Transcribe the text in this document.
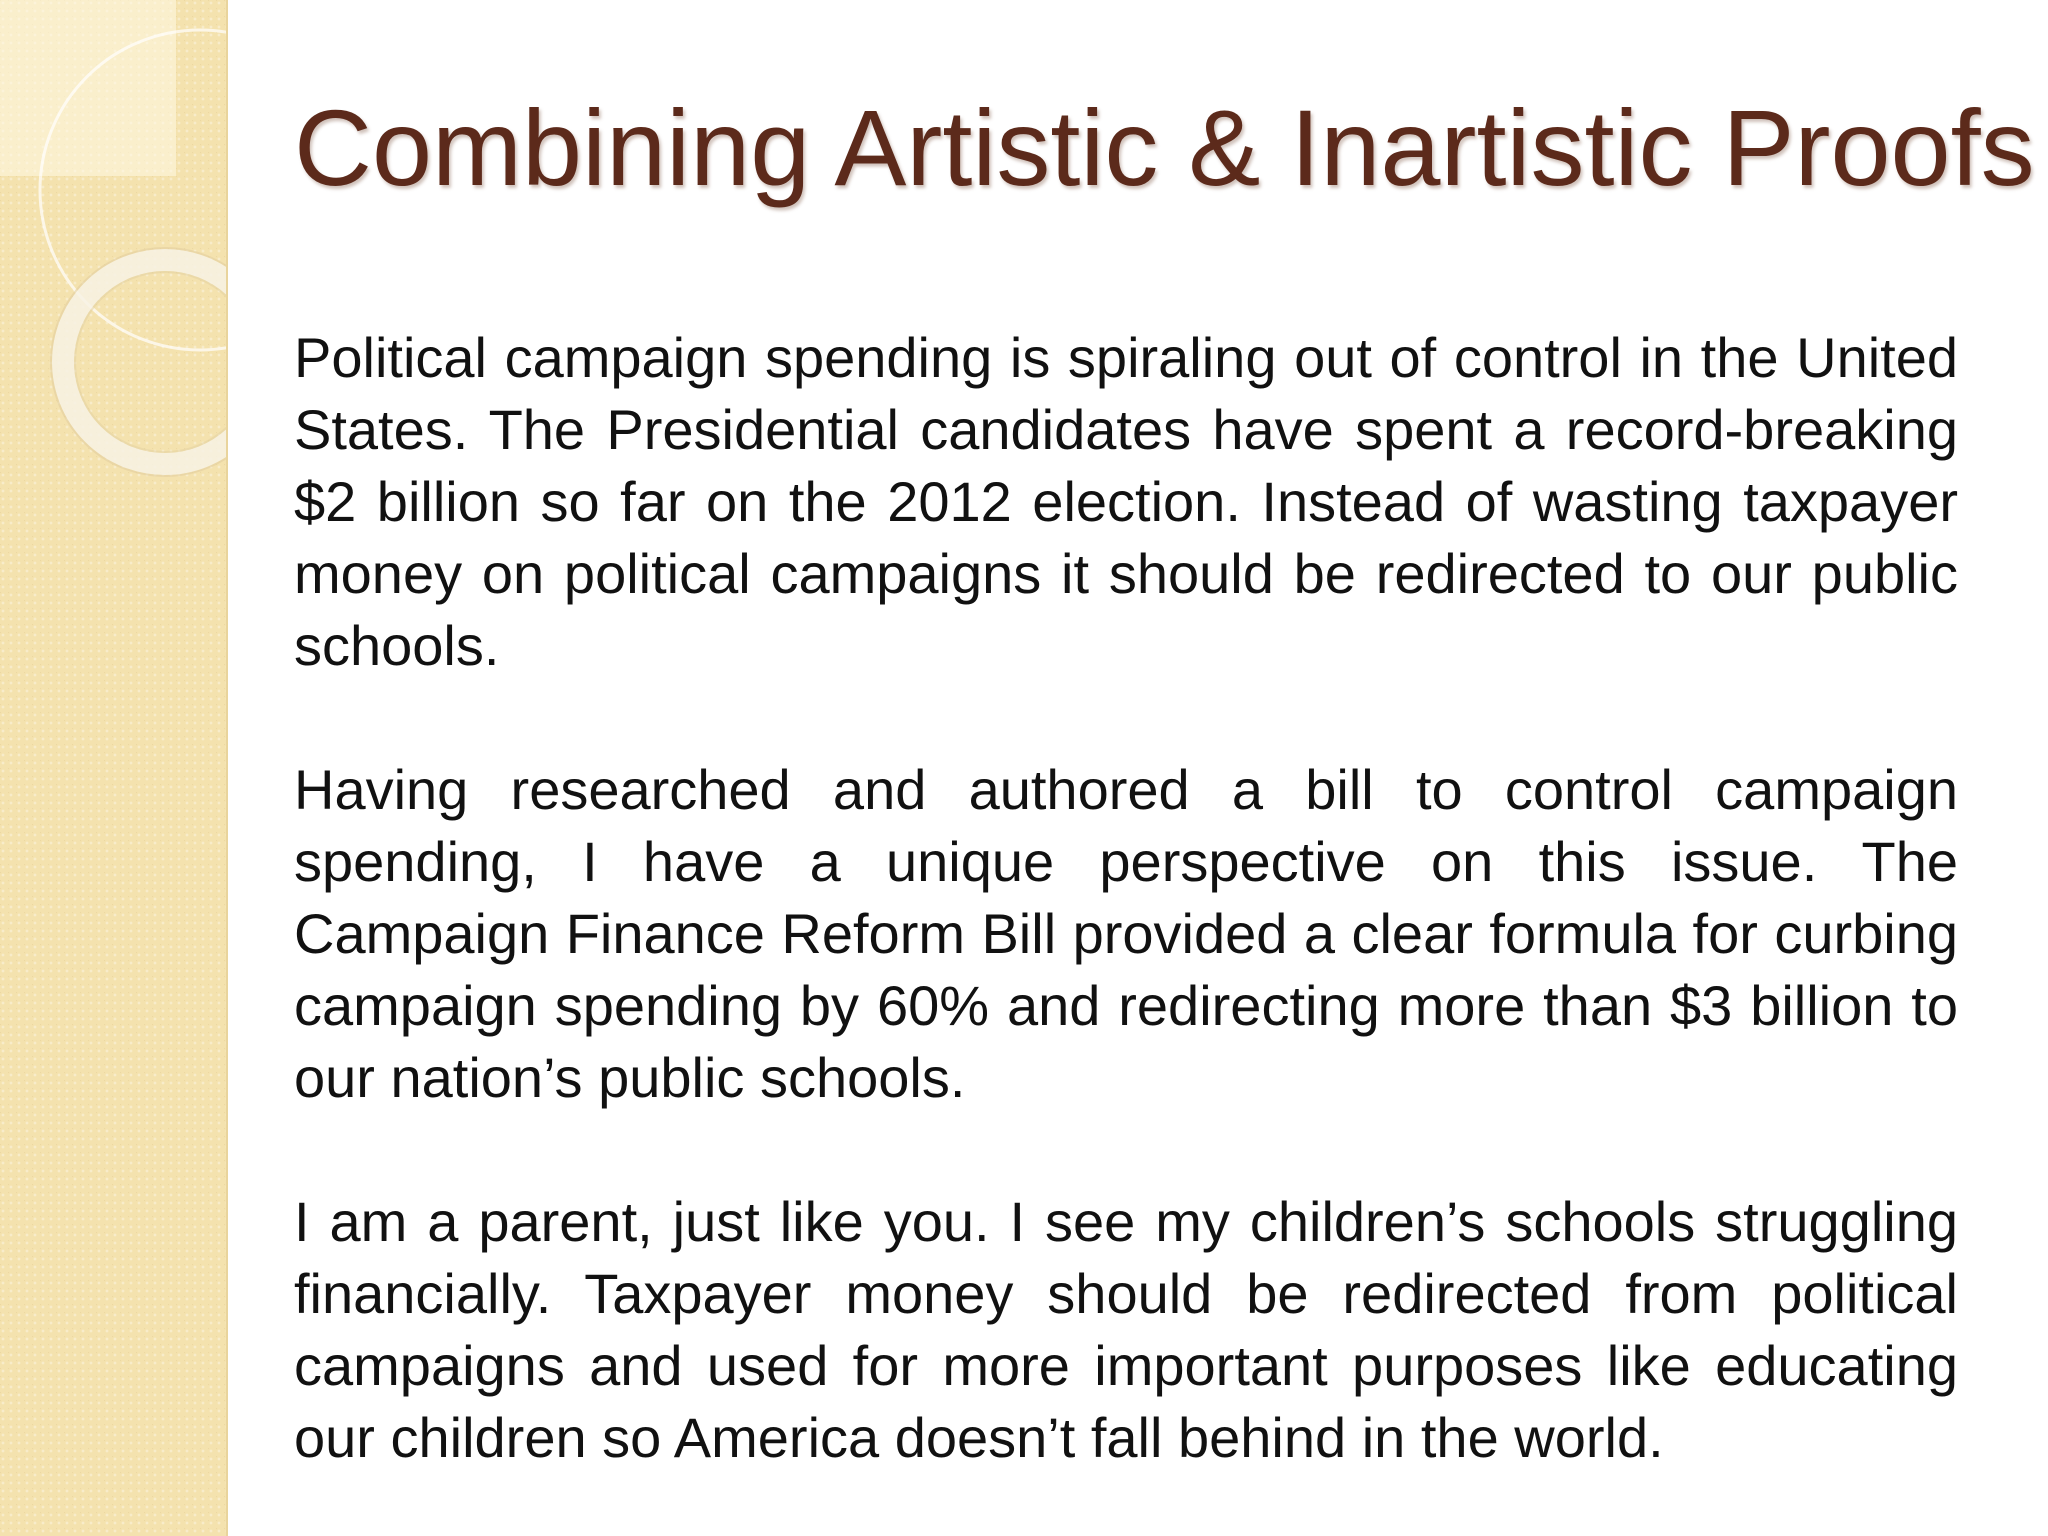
Combining Artistic & Inartistic Proofs

Political campaign spending is spiraling out of control in the United States. The Presidential candidates have spent a record-breaking $2 billion so far on the 2012 election. Instead of wasting taxpayer money on political campaigns it should be redirected to our public schools.

Having researched and authored a bill to control campaign spending, I have a unique perspective on this issue. The Campaign Finance Reform Bill provided a clear formula for curbing campaign spending by 60% and redirecting more than $3 billion to our nation’s public schools.

I am a parent, just like you. I see my children’s schools struggling financially. Taxpayer money should be redirected from political campaigns and used for more important purposes like educating our children so America doesn’t fall behind in the world.
